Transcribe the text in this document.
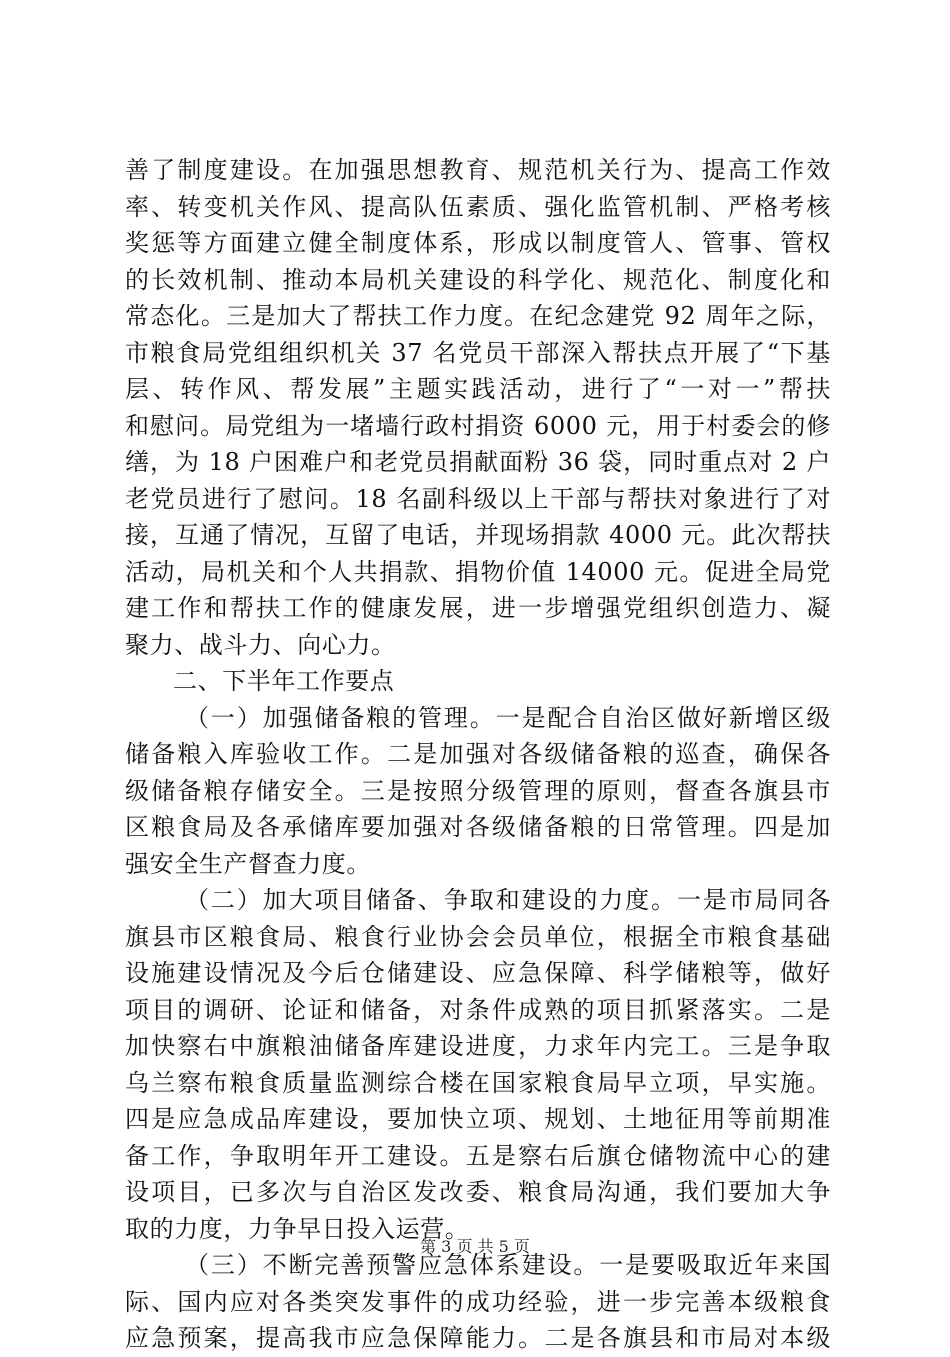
善了制度建设。在加强思想教育、规范机关行为、提高工作效
率、转变机关作风、提高队伍素质、强化监管机制、严格考核
奖惩等方面建立健全制度体系，形成以制度管人、管事、管权
的长效机制、推动本局机关建设的科学化、规范化、制度化和
常态化。三是加大了帮扶工作力度。在纪念建党 92 周年之际，
市粮食局党组组织机关 37 名党员干部深入帮扶点开展了“下基
层、转作风、帮发展”主题实践活动，进行了“一对一”帮扶
和慰问。局党组为一堵墙行政村捐资 6000 元，用于村委会的修
缮，为 18 户困难户和老党员捐献面粉 36 袋，同时重点对 2 户
老党员进行了慰问。18 名副科级以上干部与帮扶对象进行了对
接，互通了情况，互留了电话，并现场捐款 4000 元。此次帮扶
活动，局机关和个人共捐款、捐物价值 14000 元。促进全局党
建工作和帮扶工作的健康发展，进一步增强党组织创造力、凝
聚力、战斗力、向心力。
二、下半年工作要点
（一）加强储备粮的管理。一是配合自治区做好新增区级
储备粮入库验收工作。二是加强对各级储备粮的巡查，确保各
级储备粮存储安全。三是按照分级管理的原则，督查各旗县市
区粮食局及各承储库要加强对各级储备粮的日常管理。四是加
强安全生产督查力度。
（二）加大项目储备、争取和建设的力度。一是市局同各
旗县市区粮食局、粮食行业协会会员单位，根据全市粮食基础
设施建设情况及今后仓储建设、应急保障、科学储粮等，做好
项目的调研、论证和储备，对条件成熟的项目抓紧落实。二是
加快察右中旗粮油储备库建设进度，力求年内完工。三是争取
乌兰察布粮食质量监测综合楼在国家粮食局早立项，早实施。
四是应急成品库建设，要加快立项、规划、土地征用等前期准
备工作，争取明年开工建设。五是察右后旗仓储物流中心的建
设项目，已多次与自治区发改委、粮食局沟通，我们要加大争
取的力度，力争早日投入运营。
（三）不断完善预警应急体系建设。一是要吸取近年来国
际、国内应对各类突发事件的成功经验，进一步完善本级粮食
应急预案，提高我市应急保障能力。二是各旗县和市局对本级
第 3 页 共 5 页
